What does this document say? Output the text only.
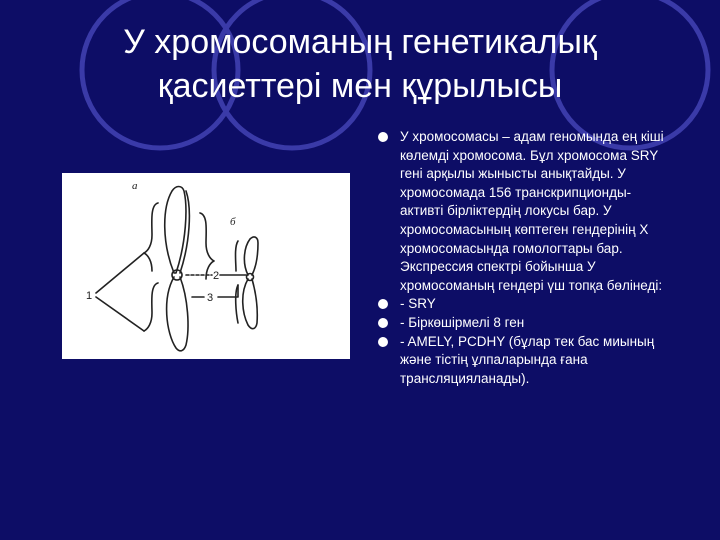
У хромосоманың генетикалық
қасиеттері мен құрылысы
а
б
1
2
3
У хромосомасы – адам геномында ең кіші көлемді хромосома. Бұл хромосома SRY гені арқылы жынысты анықтайды. У хромосомада 156 транскрипционды- активті бірліктердің локусы бар. У хромосомасының көптеген гендерінің Х хромосомасында гомологтары бар. Экспрессия спектрі бойынша У хромосоманың гендері үш топқа бөлінеді:
- SRY
- Біркөшірмелі 8 ген
- AMELY, PCDHY (бұлар тек бас миының және тістің ұлпаларында ғана трансляцияланады).
